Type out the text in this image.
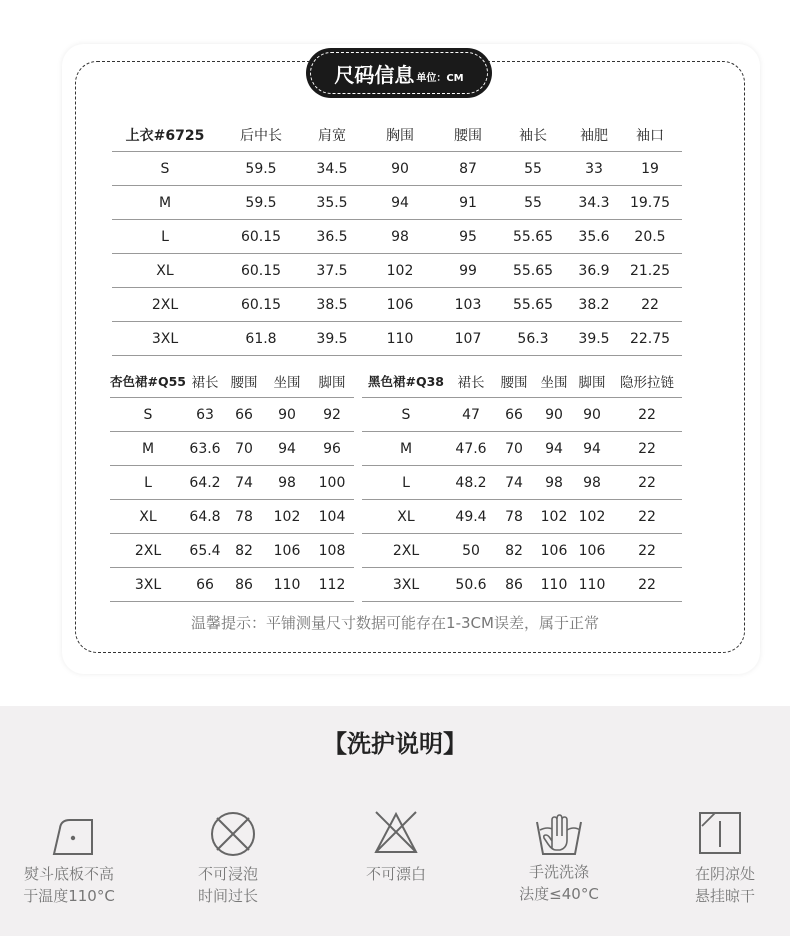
尺码信息 单位：CM
上衣#6725	后中长	肩宽	胸围	腰围	袖长	袖肥	袖口
S	59.5	34.5	90	87	55	33	19
M	59.5	35.5	94	91	55	34.3	19.75
L	60.15	36.5	98	95	55.65	35.6	20.5
XL	60.15	37.5	102	99	55.65	36.9	21.25
2XL	60.15	38.5	106	103	55.65	38.2	22
3XL	61.8	39.5	110	107	56.3	39.5	22.75
杏色裙#Q55	裙长	腰围	坐围	脚围
S	63	66	90	92
M	63.6	70	94	96
L	64.2	74	98	100
XL	64.8	78	102	104
2XL	65.4	82	106	108
3XL	66	86	110	112
黑色裙#Q38	裙长	腰围	坐围	脚围	隐形拉链
S	47	66	90	90	22
M	47.6	70	94	94	22
L	48.2	74	98	98	22
XL	49.4	78	102	102	22
2XL	50	82	106	106	22
3XL	50.6	86	110	110	22
温馨提示：平铺测量尺寸数据可能存在1-3CM误差，属于正常
【洗护说明】
熨斗底板不高
于温度110°C
不可浸泡
时间过长
不可漂白	手洗洗涤
法度≤40°C
在阴凉处
悬挂晾干
